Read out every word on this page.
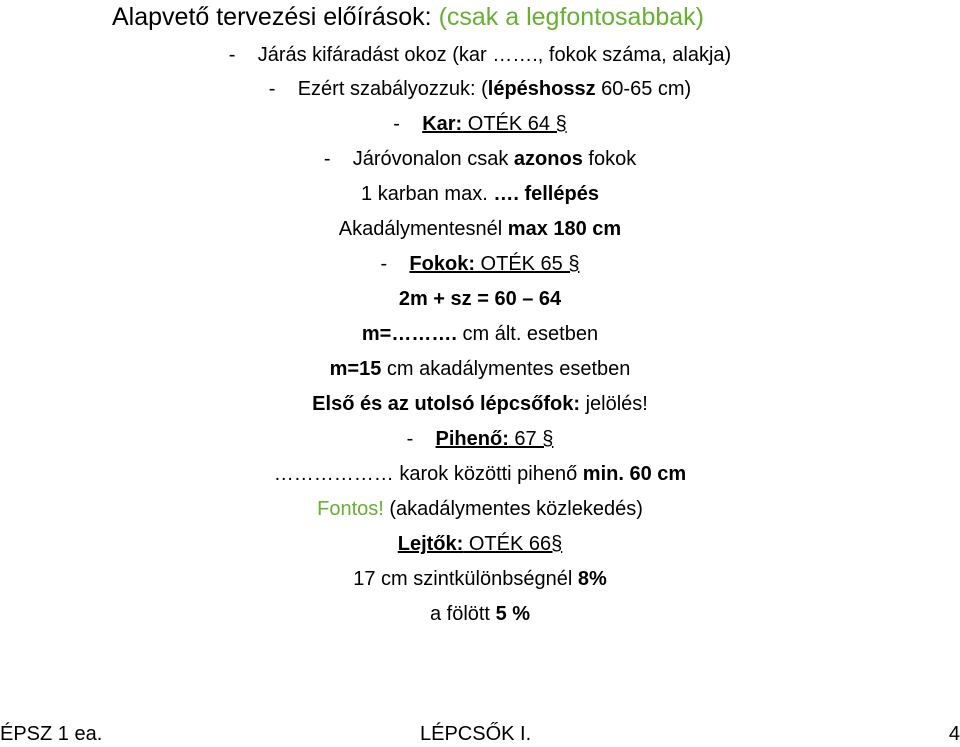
Alapvető tervezési előírások: (csak a legfontosabbak)
- Járás kifáradást okoz (kar ……., fokok száma, alakja)
- Ezért szabályozzuk: (lépéshossz 60-65 cm)
- Kar: OTÉK 64 §
- Járóvonalon csak azonos fokok
1 karban max. …. fellépés
Akadálymentesnél max 180 cm
- Fokok: OTÉK 65 §
2m + sz = 60 – 64
m=………. cm ált. esetben
m=15 cm akadálymentes esetben
Első és az utolsó lépcsőfok: jelölés!
- Pihenő: 67 §
……………… karok közötti pihenő min. 60 cm
Fontos! (akadálymentes közlekedés)
Lejtők: OTÉK 66§
17 cm szintkülönbségnél 8%
a fölött 5 %
ÉPSZ 1 ea.	LÉPCSŐK I.	4
